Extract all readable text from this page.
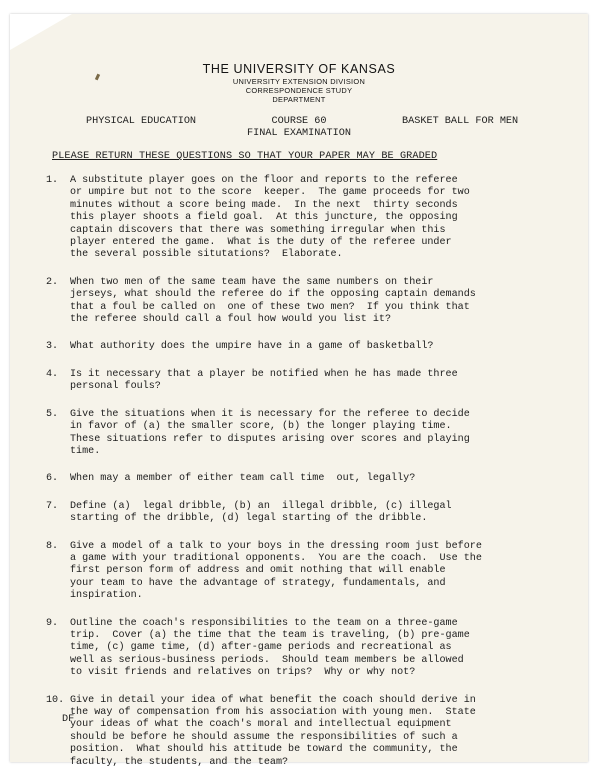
THE UNIVERSITY OF KANSAS
UNIVERSITY EXTENSION DIVISION
CORRESPONDENCE STUDY
DEPARTMENT
PHYSICAL EDUCATION	COURSE 60
FINAL EXAMINATION
BASKET BALL FOR MEN
PLEASE RETURN THESE QUESTIONS SO THAT YOUR PAPER MAY BE GRADED
1.	A substitute player goes on the floor and reports to the referee
or umpire but not to the score  keeper.  The game proceeds for two
minutes without a score being made.  In the next  thirty seconds
this player shoots a field goal.  At this juncture, the opposing
captain discovers that there was something irregular when this
player entered the game.  What is the duty of the referee under
the several possible situtations?  Elaborate.
2.	When two men of the same team have the same numbers on their
jerseys, what should the referee do if the opposing captain demands
that a foul be called on  one of these two men?  If you think that
the referee should call a foul how would you list it?
3.	What authority does the umpire have in a game of basketball?
4.	Is it necessary that a player be notified when he has made three
personal fouls?
5.	Give the situations when it is necessary for the referee to decide
in favor of (a) the smaller score, (b) the longer playing time.
These situations refer to disputes arising over scores and playing
time.
6.	When may a member of either team call time  out, legally?
7.	Define (a)  legal dribble, (b) an  illegal dribble, (c) illegal
starting of the dribble, (d) legal starting of the dribble.
8.	Give a model of a talk to your boys in the dressing room just before
a game with your traditional opponents.  You are the coach.  Use the
first person form of address and omit nothing that will enable
your team to have the advantage of strategy, fundamentals, and
inspiration.
9.	Outline the coach's responsibilities to the team on a three-game
trip.  Cover (a) the time that the team is traveling, (b) pre-game
time, (c) game time, (d) after-game periods and recreational as
well as serious-business periods.  Should team members be allowed
to visit friends and relatives on trips?  Why or why not?
10. Give in detail your idea of what benefit the coach should derive in
the way of compensation from his association with young men.  State
your ideas of what the coach's moral and intellectual equipment
should be before he should assume the responsibilities of such a
position.  What should his attitude be toward the community, the
faculty, the students, and the team?
DF
